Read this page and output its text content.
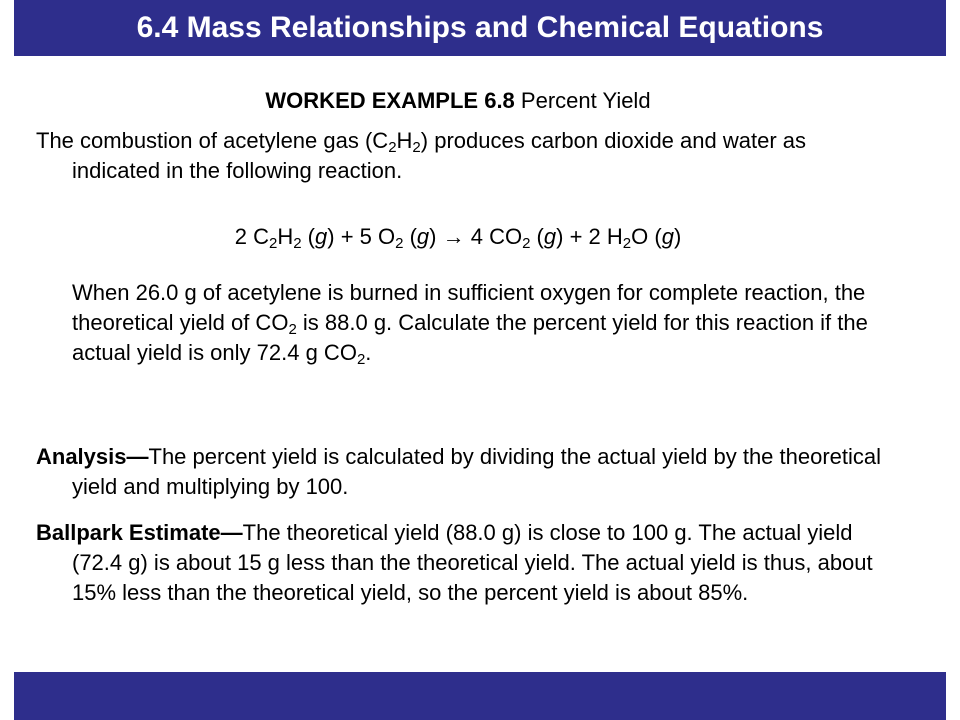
6.4 Mass Relationships and Chemical Equations
WORKED EXAMPLE 6.8 Percent Yield
The combustion of acetylene gas $(C_2H_2)$ produces carbon dioxide and water as indicated in the following reaction.
2 $C_2H_2$ (g) + 5 $O_2$ (g) → 4 $CO_2$ (g) + 2 $H_2O$ (g)
When 26.0 g of acetylene is burned in sufficient oxygen for complete reaction, the theoretical yield of $CO_2$ is 88.0 g. Calculate the percent yield for this reaction if the actual yield is only 72.4 g $CO_2$.
Analysis—The percent yield is calculated by dividing the actual yield by the theoretical yield and multiplying by 100.
Ballpark Estimate—The theoretical yield (88.0 g) is close to 100 g. The actual yield (72.4 g) is about 15 g less than the theoretical yield. The actual yield is thus, about 15% less than the theoretical yield, so the percent yield is about 85%.
